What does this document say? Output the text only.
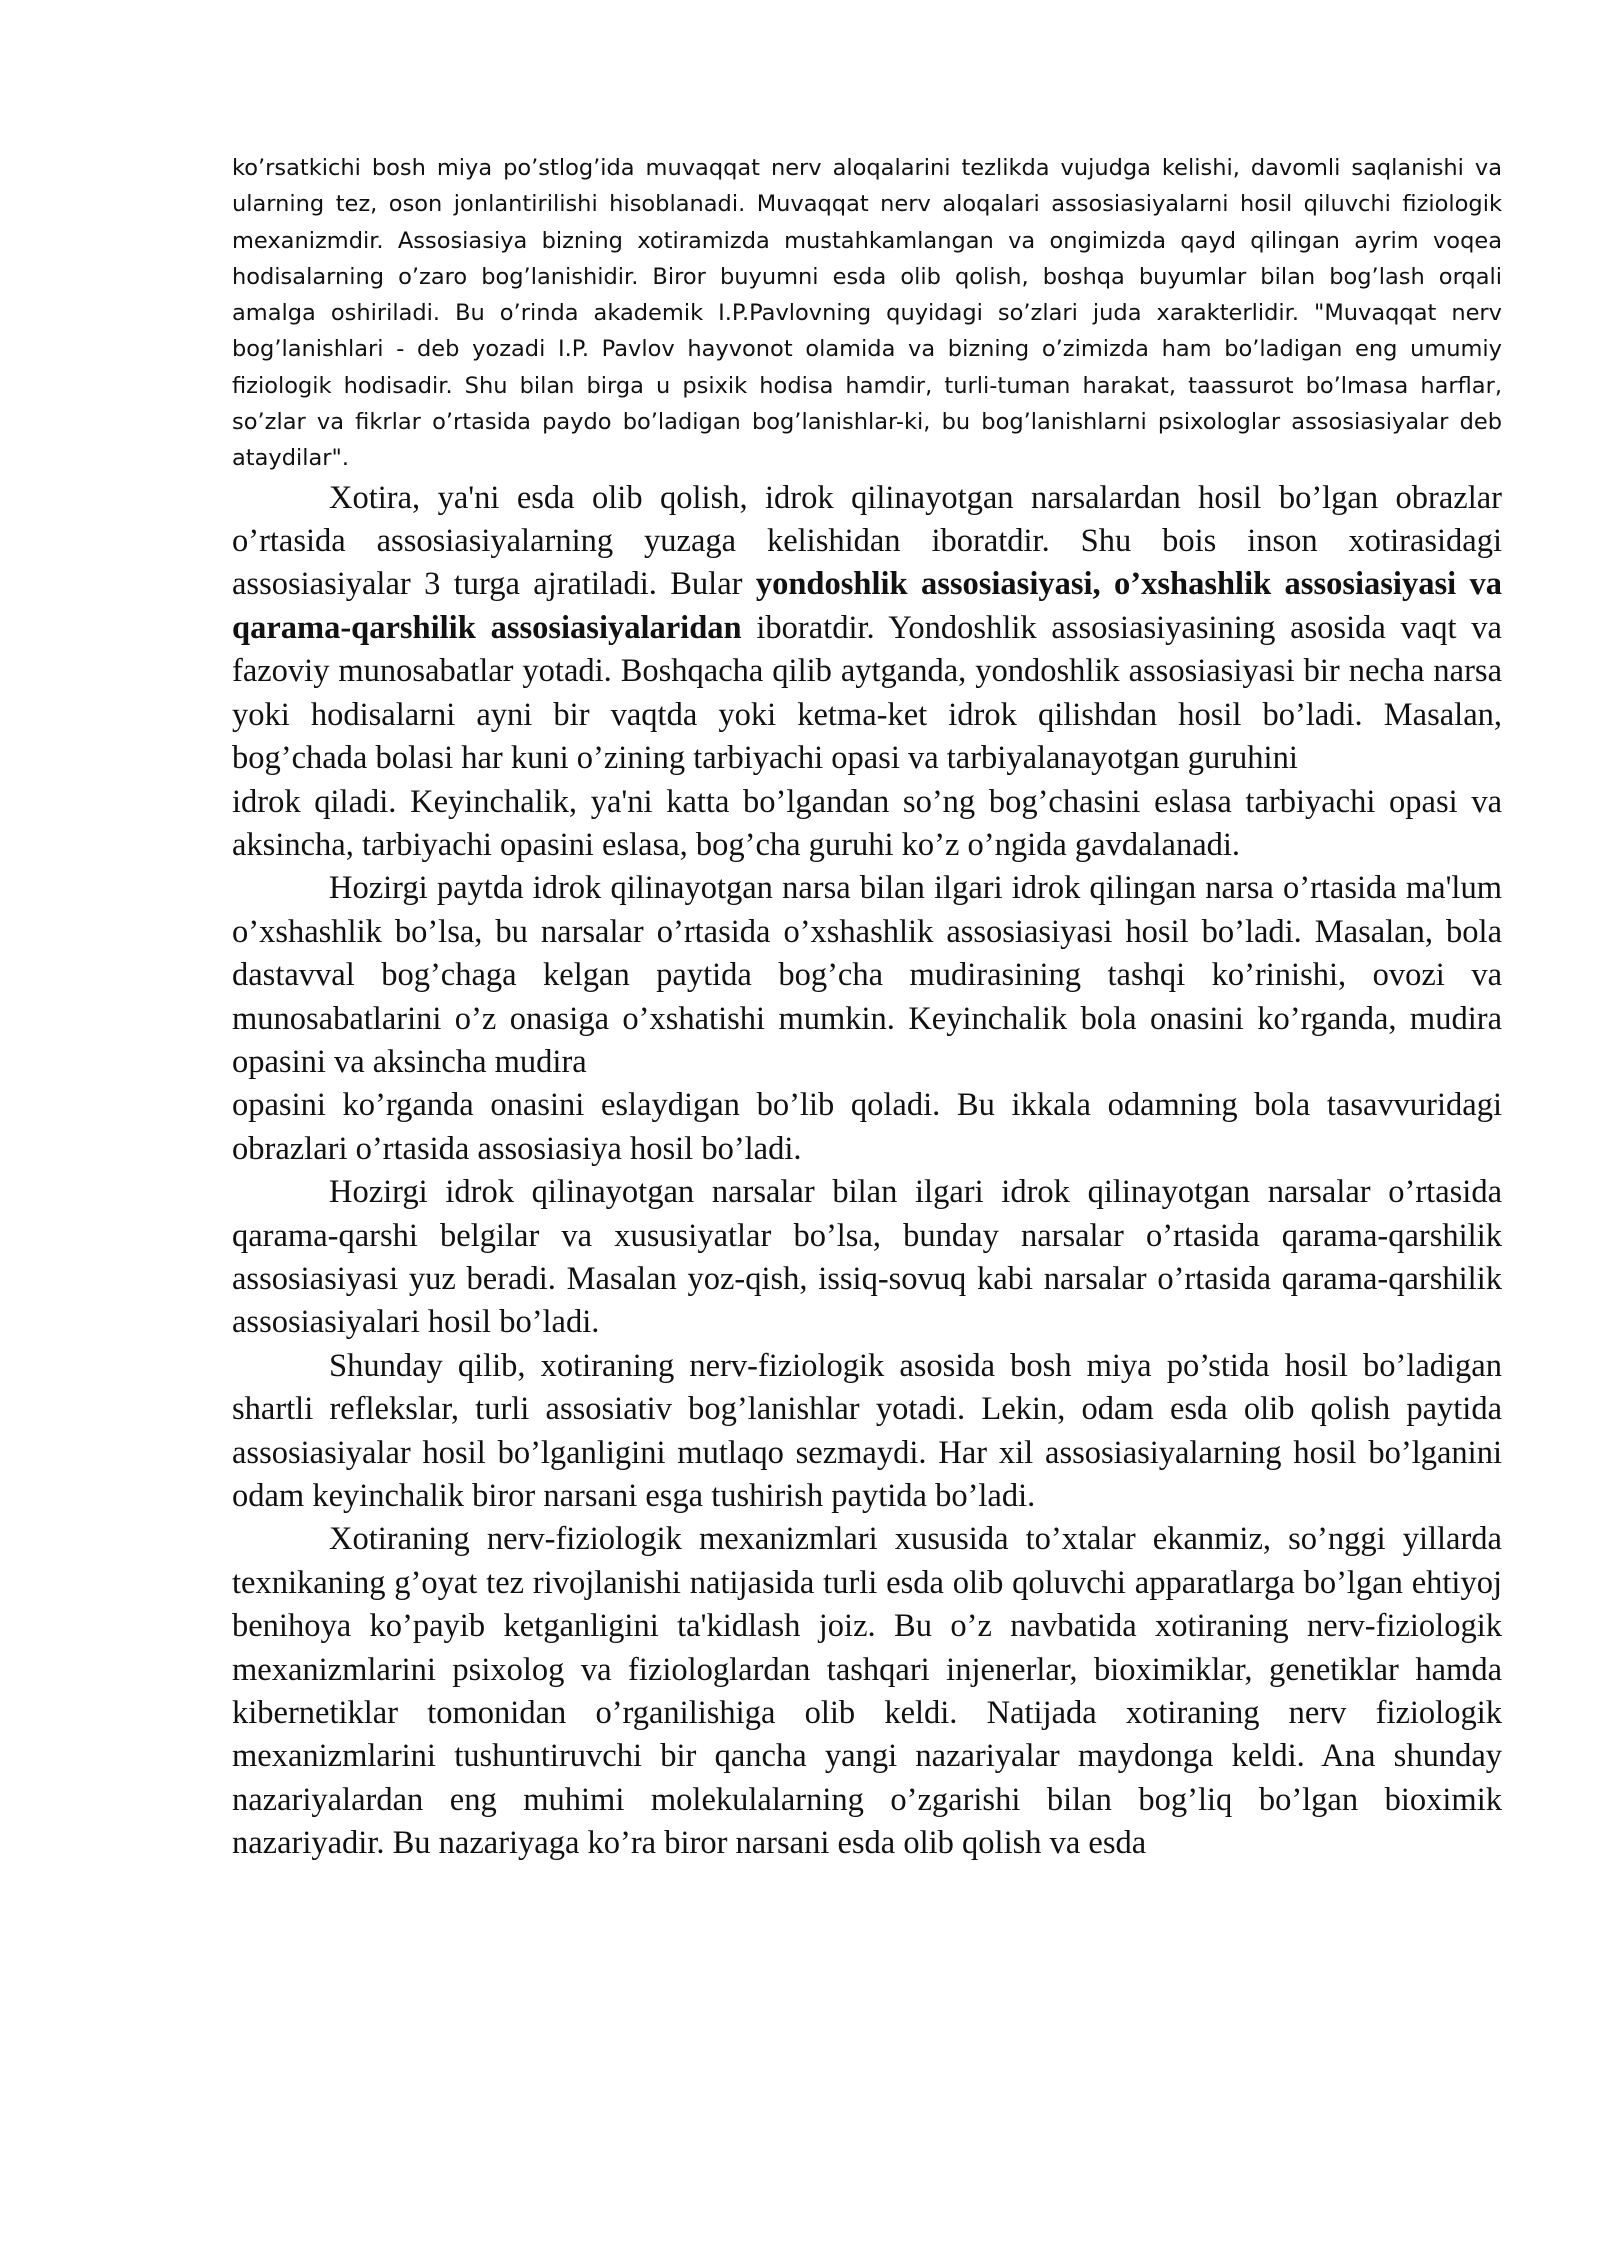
ko’rsatkichi bosh miya po’stlog’ida muvaqqat nerv aloqalarini tezlikda vujudga kelishi, davomli saqlanishi va ularning tez, oson jonlantirilishi hisoblanadi. Muvaqqat nerv aloqalari assosiasiyalarni hosil qiluvchi fiziologik mexanizmdir. Assosiasiya bizning xotiramizda mustahkamlangan va ongimizda qayd qilingan ayrim voqea hodisalarning o’zaro bog’lanishidir. Biror buyumni esda olib qolish, boshqa buyumlar bilan bog’lash orqali amalga oshiriladi. Bu o’rinda akademik I.P.Pavlovning quyidagi so’zlari juda xarakterlidir. "Muvaqqat nerv bog’lanishlari - deb yozadi I.P. Pavlov hayvonot olamida va bizning o’zimizda ham bo’ladigan eng umumiy fiziologik hodisadir. Shu bilan birga u psixik hodisa hamdir, turli-tuman harakat, taassurot bo’lmasa harflar, so’zlar va fikrlar o’rtasida paydo bo’ladigan bog’lanishlar-ki, bu bog’lanishlarni psixologlar assosiasiyalar deb ataydilar".

Xotira, ya'ni esda olib qolish, idrok qilinayotgan narsalardan hosil bo’lgan obrazlar o’rtasida assosiasiyalarning yuzaga kelishidan iboratdir. Shu bois inson xotirasidagi assosiasiyalar 3 turga ajratiladi. Bular yondoshlik assosiasiyasi, o’xshashlik assosiasiyasi va qarama-qarshilik assosiasiyalaridan iboratdir. Yondoshlik assosiasiyasining asosida vaqt va fazoviy munosabatlar yotadi. Boshqacha qilib aytganda, yondoshlik assosiasiyasi bir necha narsa yoki hodisalarni ayni bir vaqtda yoki ketma-ket idrok qilishdan hosil bo’ladi. Masalan, bog’chada bolasi har kuni o’zining tarbiyachi opasi va tarbiyalanayotgan guruhini

idrok qiladi. Keyinchalik, ya'ni katta bo’lgandan so’ng bog’chasini eslasa tarbiyachi opasi va aksincha, tarbiyachi opasini eslasa, bog’cha guruhi ko’z o’ngida gavdalanadi.

Hozirgi paytda idrok qilinayotgan narsa bilan ilgari idrok qilingan narsa o’rtasida ma'lum o’xshashlik bo’lsa, bu narsalar o’rtasida o’xshashlik assosiasiyasi hosil bo’ladi. Masalan, bola dastavval bog’chaga kelgan paytida bog’cha mudirasining tashqi ko’rinishi, ovozi va munosabatlarini o’z onasiga o’xshatishi mumkin. Keyinchalik bola onasini ko’rganda, mudira opasini va aksincha mudira

opasini ko’rganda onasini eslaydigan bo’lib qoladi. Bu ikkala odamning bola tasavvuridagi obrazlari o’rtasida assosiasiya hosil bo’ladi.

Hozirgi idrok qilinayotgan narsalar bilan ilgari idrok qilinayotgan narsalar o’rtasida qarama-qarshi belgilar va xususiyatlar bo’lsa, bunday narsalar o’rtasida qarama-qarshilik assosiasiyasi yuz beradi. Masalan yoz-qish, issiq-sovuq kabi narsalar o’rtasida qarama-qarshilik assosiasiyalari hosil bo’ladi.

Shunday qilib, xotiraning nerv-fiziologik asosida bosh miya po’stida hosil bo’ladigan shartli reflekslar, turli assosiativ bog’lanishlar yotadi. Lekin, odam esda olib qolish paytida assosiasiyalar hosil bo’lganligini mutlaqo sezmaydi. Har xil assosiasiyalarning hosil bo’lganini odam keyinchalik biror narsani esga tushirish paytida bo’ladi.

Xotiraning nerv-fiziologik mexanizmlari xususida to’xtalar ekanmiz, so’nggi yillarda texnikaning g’oyat tez rivojlanishi natijasida turli esda olib qoluvchi apparatlarga bo’lgan ehtiyoj benihoya ko’payib ketganligini ta'kidlash joiz. Bu o’z navbatida xotiraning nerv-fiziologik mexanizmlarini psixolog va fiziologlardan tashqari injenerlar, bioximiklar, genetiklar hamda kibernetiklar tomonidan o’rganilishiga olib keldi. Natijada xotiraning nerv fiziologik mexanizmlarini tushuntiruvchi bir qancha yangi nazariyalar maydonga keldi. Ana shunday nazariyalardan eng muhimi molekulalarning o’zgarishi bilan bog’liq bo’lgan bioximik nazariyadir. Bu nazariyaga ko’ra biror narsani esda olib qolish va esda
